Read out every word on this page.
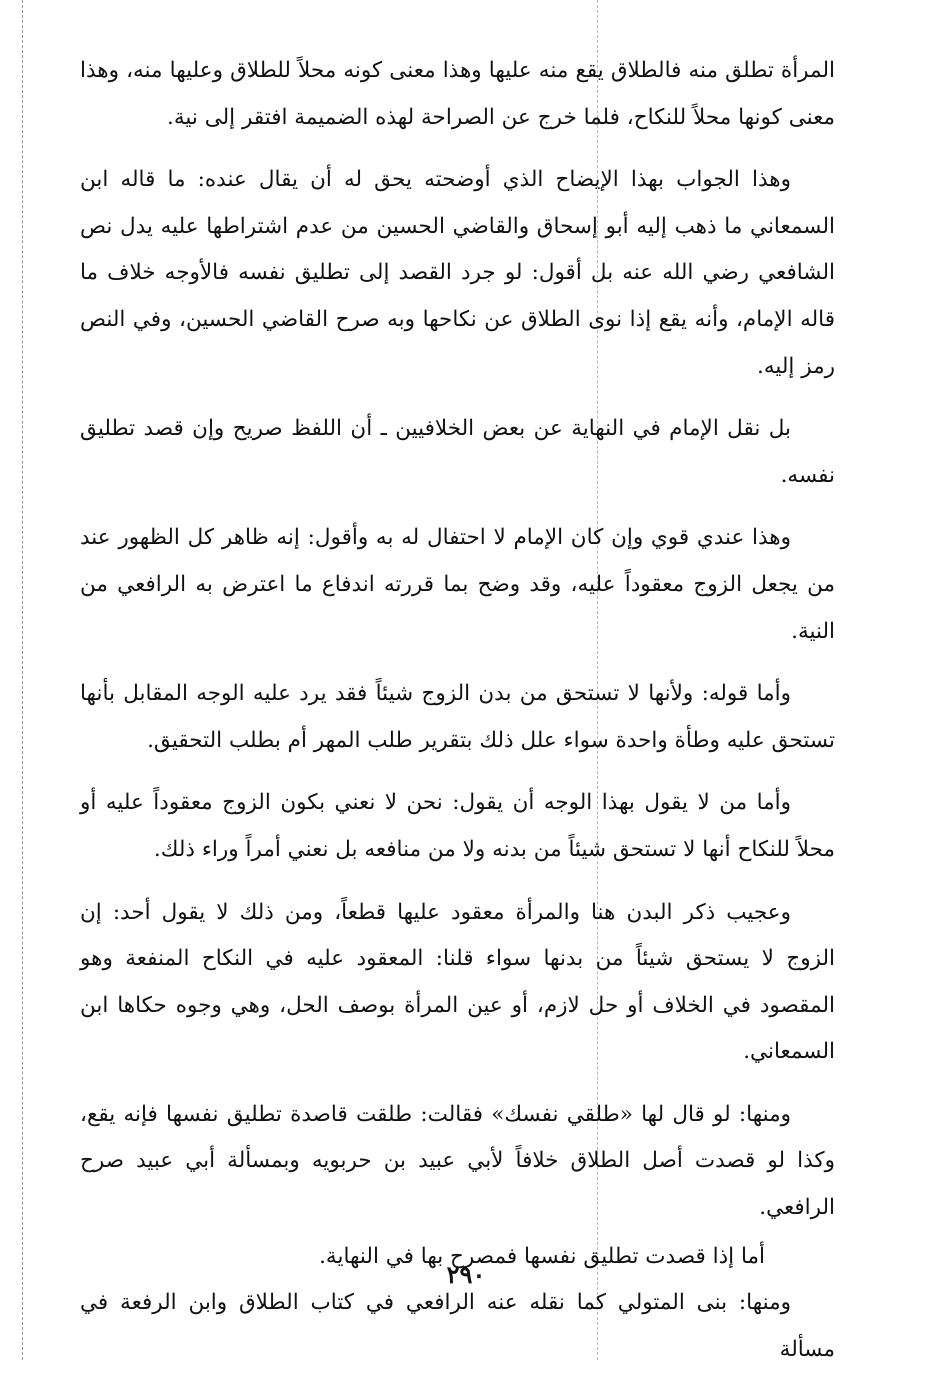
المرأة تطلق منه فالطلاق يقع منه عليها وهذا معنى كونه محلاً للطلاق وعليها منه، وهذا معنى كونها محلاً للنكاح، فلما خرج عن الصراحة لهذه الضميمة افتقر إلى نية.

وهذا الجواب بهذا الإيضاح الذي أوضحته يحق له أن يقال عنده: ما قاله ابن السمعاني ما ذهب إليه أبو إسحاق والقاضي الحسين من عدم اشتراطها عليه يدل نص الشافعي رضي الله عنه بل أقول: لو جرد القصد إلى تطليق نفسه فالأوجه خلاف ما قاله الإمام، وأنه يقع إذا نوى الطلاق عن نكاحها وبه صرح القاضي الحسين، وفي النص رمز إليه.

بل نقل الإمام في النهاية عن بعض الخلافيين ـ أن اللفظ صريح وإن قصد تطليق نفسه.

وهذا عندي قوي وإن كان الإمام لا احتفال له به وأقول: إنه ظاهر كل الظهور عند من يجعل الزوج معقوداً عليه، وقد وضح بما قررته اندفاع ما اعترض به الرافعي من النية.

وأما قوله: ولأنها لا تستحق من بدن الزوج شيئاً فقد يرد عليه الوجه المقابل بأنها تستحق عليه وطأة واحدة سواء علل ذلك بتقرير طلب المهر أم بطلب التحقيق.

وأما من لا يقول بهذا الوجه أن يقول: نحن لا نعني بكون الزوج معقوداً عليه أو محلاً للنكاح أنها لا تستحق شيئاً من بدنه ولا من منافعه بل نعني أمراً وراء ذلك.

وعجيب ذكر البدن هنا والمرأة معقود عليها قطعاً، ومن ذلك لا يقول أحد: إن الزوج لا يستحق شيئاً من بدنها سواء قلنا: المعقود عليه في النكاح المنفعة وهو المقصود في الخلاف أو حل لازم، أو عين المرأة بوصف الحل، وهي وجوه حكاها ابن السمعاني.

ومنها: لو قال لها «طلقي نفسك» فقالت: طلقت قاصدة تطليق نفسها فإنه يقع، وكذا لو قصدت أصل الطلاق خلافاً لأبي عبيد بن حربويه وبمسألة أبي عبيد صرح الرافعي.

أما إذا قصدت تطليق نفسها فمصرح بها في النهاية.

ومنها: بنى المتولي كما نقله عنه الرافعي في كتاب الطلاق وابن الرفعة في مسألة

٢٩٠
